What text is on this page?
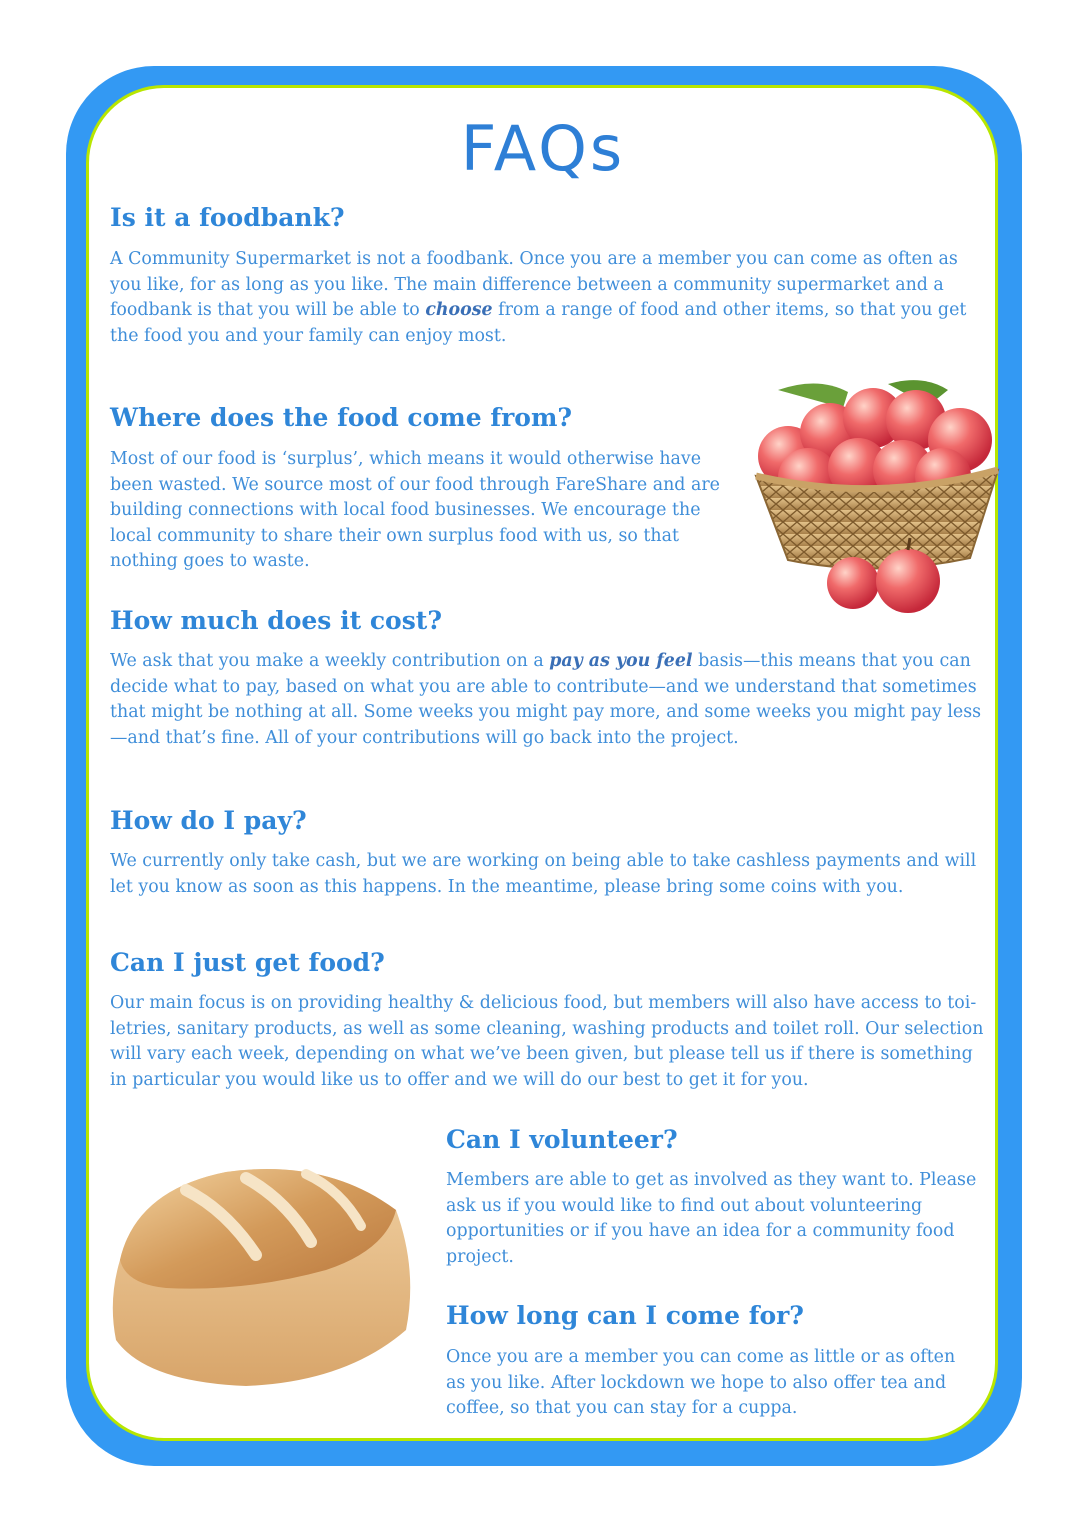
FAQs
Is it a foodbank?

A Community Supermarket is not a foodbank. Once you are a member you can come as often as you like, for as long as you like. The main difference between a community supermarket and a foodbank is that you will be able to choose from a range of food and other items, so that you get the food you and your family can enjoy most.

Where does the food come from?

Most of our food is ‘surplus’, which means it would otherwise have been wasted. We source most of our food through FareShare and are building connections with local food businesses. We encourage the local community to share their own surplus food with us, so that nothing goes to waste.

How much does it cost?

We ask that you make a weekly contribution on a pay as you feel basis—this means that you can decide what to pay, based on what you are able to contribute—and we understand that sometimes that might be nothing at all. Some weeks you might pay more, and some weeks you might pay less—and that’s fine. All of your contributions will go back into the project.

How do I pay?

We currently only take cash, but we are working on being able to take cashless payments and will let you know as soon as this happens. In the meantime, please bring some coins with you.

Can I just get food?

Our main focus is on providing healthy & delicious food, but members will also have access to toi-letries, sanitary products, as well as some cleaning, washing products and toilet roll. Our selection will vary each week, depending on what we’ve been given, but please tell us if there is something in particular you would like us to offer and we will do our best to get it for you.

Can I volunteer?

Members are able to get as involved as they want to. Please ask us if you would like to find out about volunteering opportunities or if you have an idea for a community food project.

How long can I come for?

Once you are a member you can come as little or as often as you like. After lockdown we hope to also offer tea and coffee, so that you can stay for a cuppa.
